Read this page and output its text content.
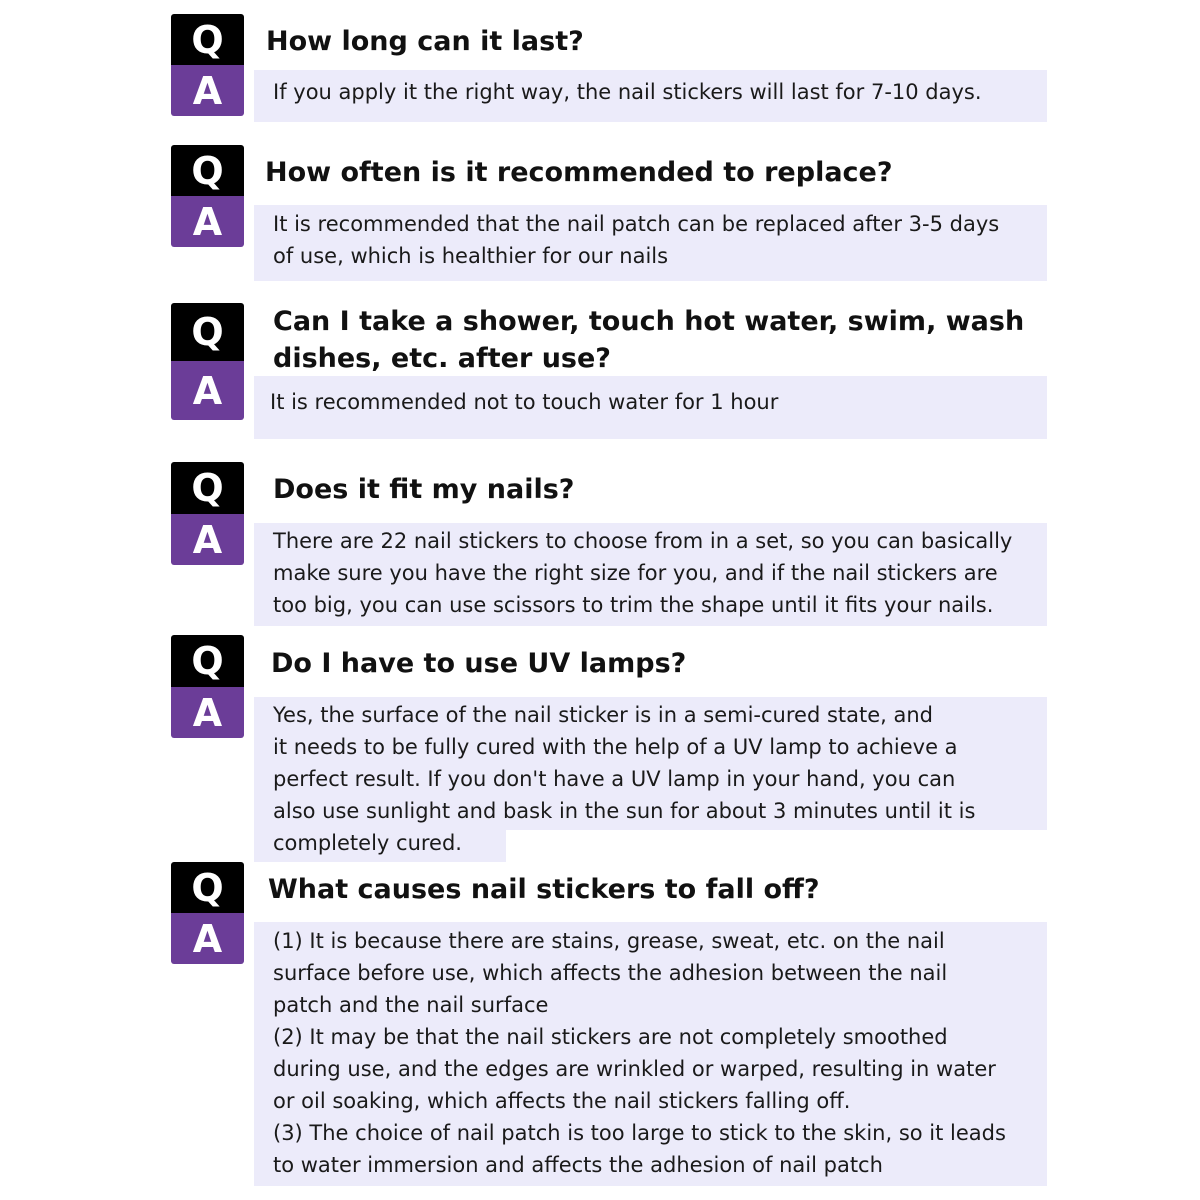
Q
A
How long can it last?

If you apply it the right way, the nail stickers will last for 7-10 days.

Q
A
How often is it recommended to replace?

It is recommended that the nail patch can be replaced after 3-5 days
of use, which is healthier for our nails

Q
A
Can I take a shower, touch hot water, swim, wash
dishes, etc. after use?

It is recommended not to touch water for 1 hour

Q
A
Does it fit my nails?

There are 22 nail stickers to choose from in a set, so you can basically
make sure you have the right size for you, and if the nail stickers are
too big, you can use scissors to trim the shape until it fits your nails.

Q
A
Do I have to use UV lamps?

Yes, the surface of the nail sticker is in a semi-cured state, and
it needs to be fully cured with the help of a UV lamp to achieve a
perfect result. If you don't have a UV lamp in your hand, you can
also use sunlight and bask in the sun for about 3 minutes until it is
completely cured.

Q
A
What causes nail stickers to fall off?

(1) It is because there are stains, grease, sweat, etc. on the nail
surface before use, which affects the adhesion between the nail
patch and the nail surface
(2) It may be that the nail stickers are not completely smoothed
during use, and the edges are wrinkled or warped, resulting in water
or oil soaking, which affects the nail stickers falling off.
(3) The choice of nail patch is too large to stick to the skin, so it leads
to water immersion and affects the adhesion of nail patch
